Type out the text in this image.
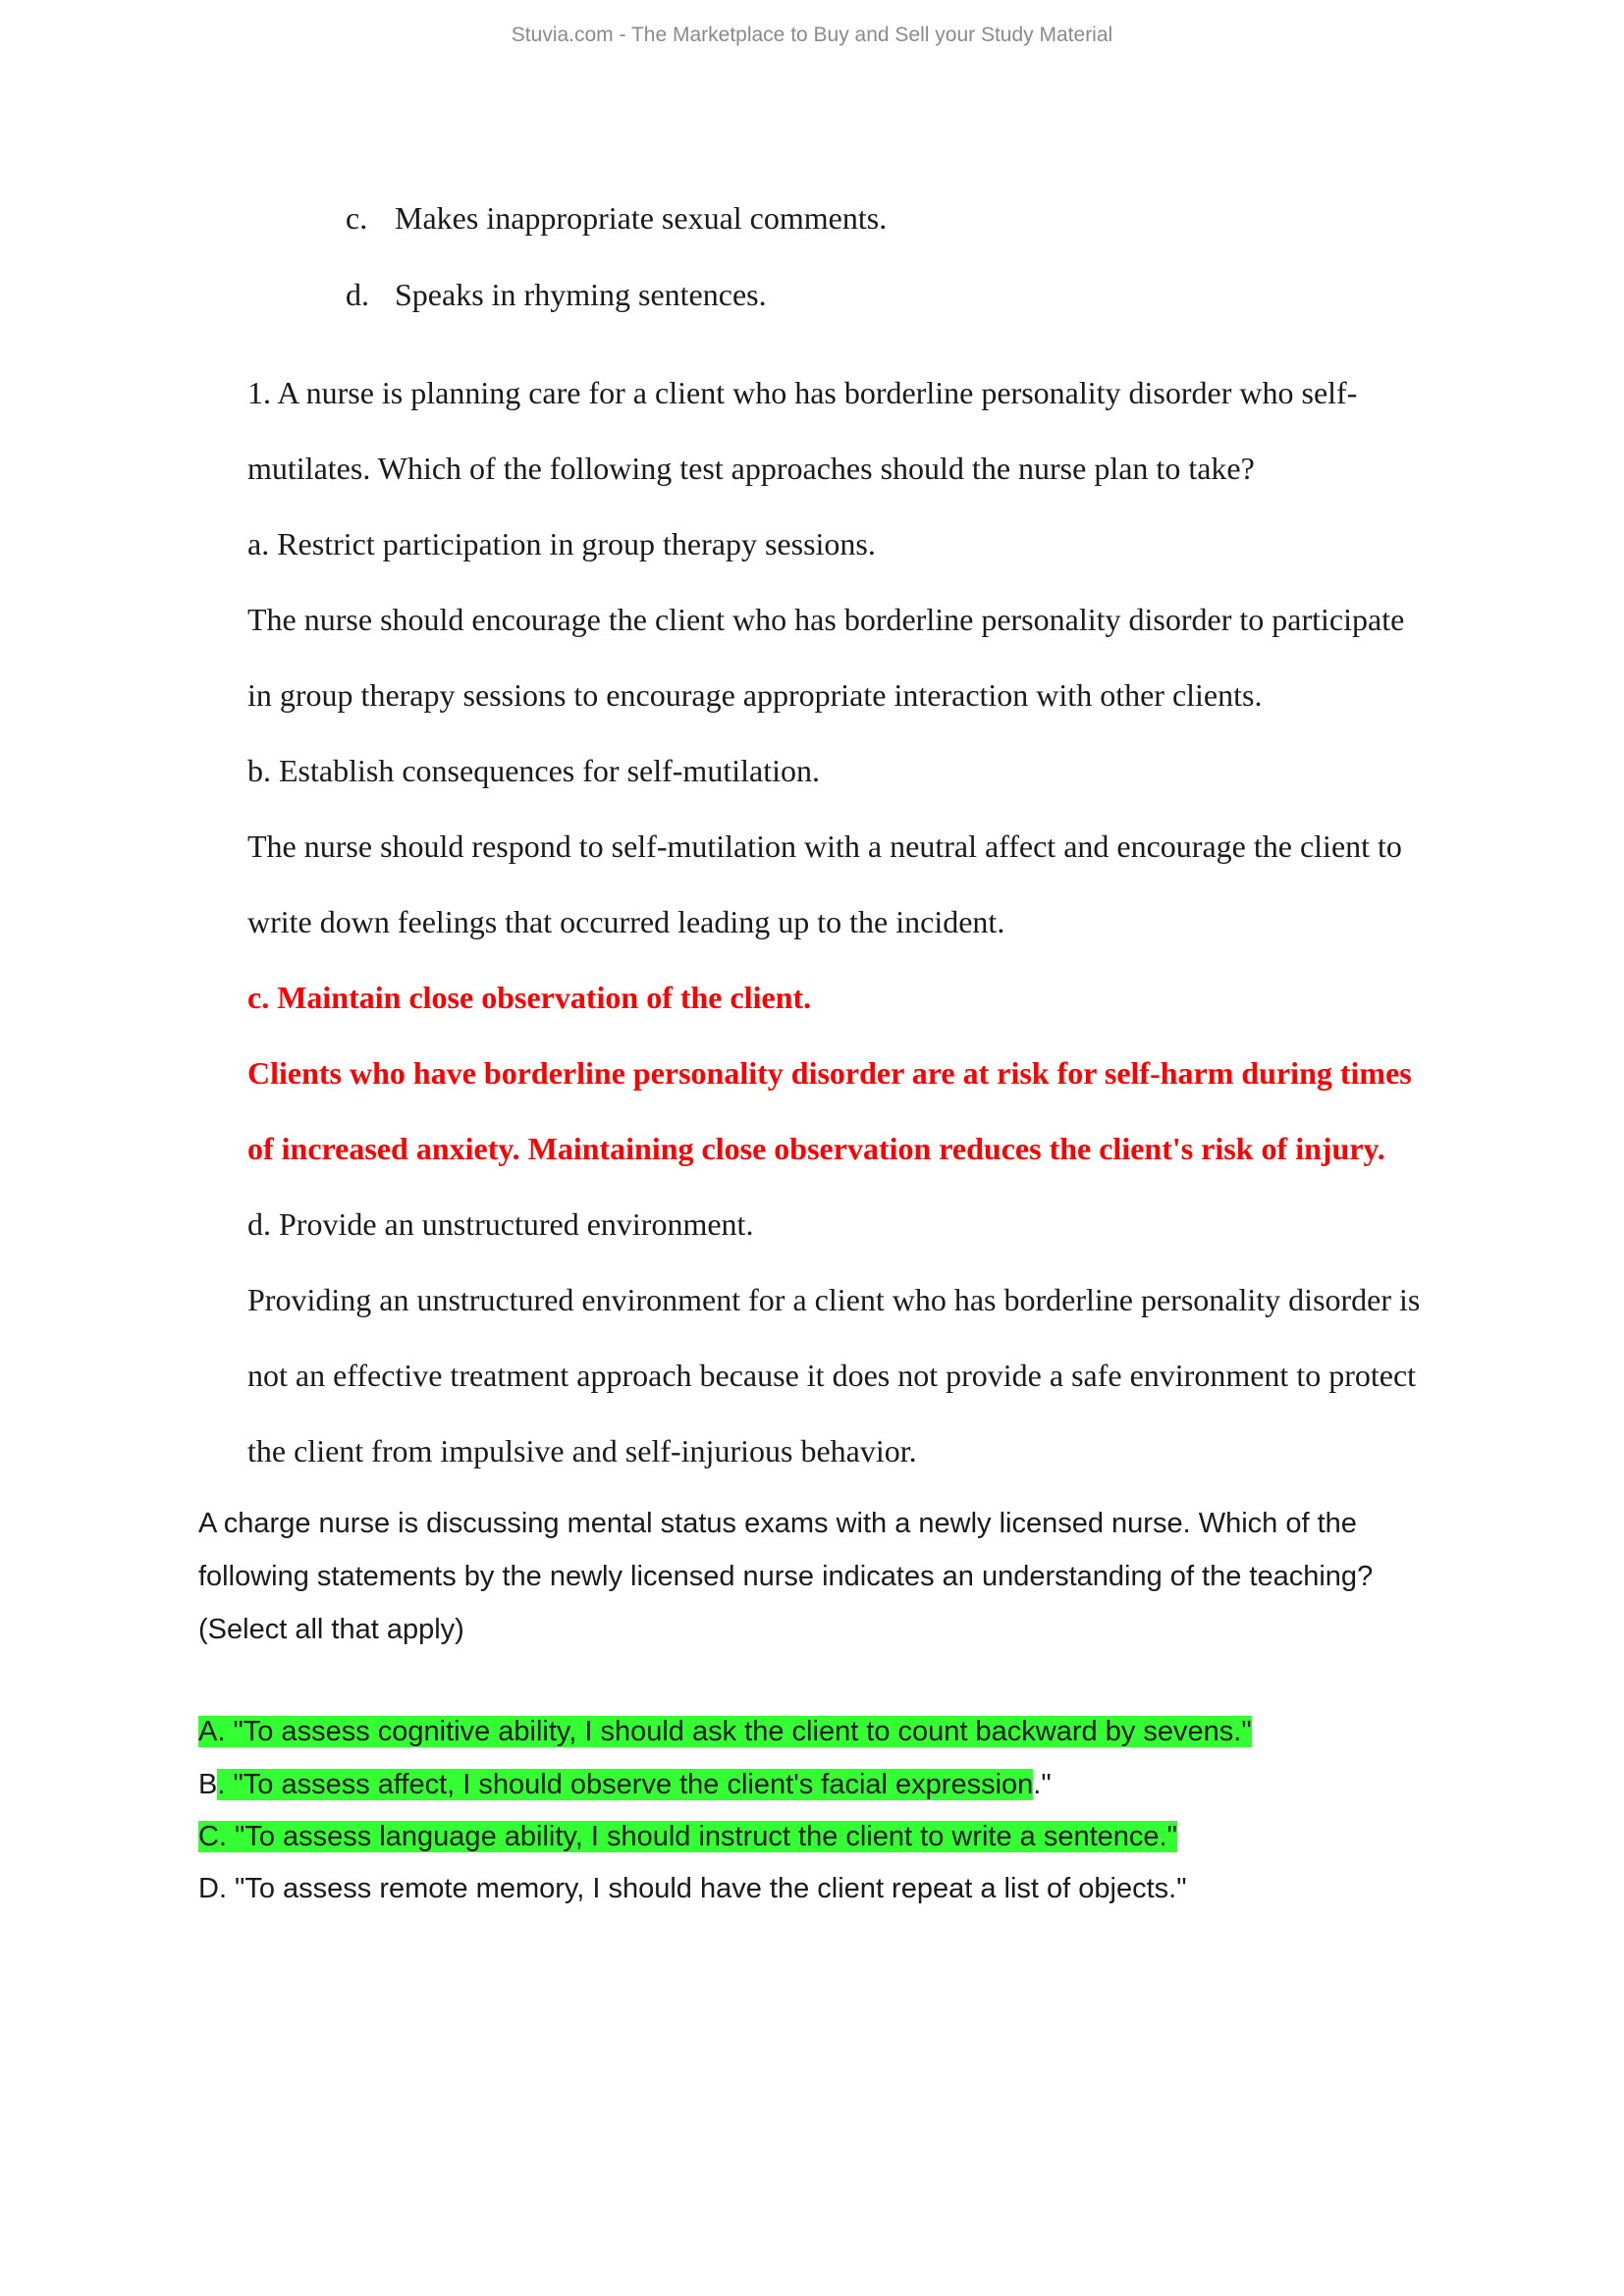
Stuvia.com - The Marketplace to Buy and Sell your Study Material

c. Makes inappropriate sexual comments.

d. Speaks in rhyming sentences.

1. A nurse is planning care for a client who has borderline personality disorder who self-

mutilates. Which of the following test approaches should the nurse plan to take?

a. Restrict participation in group therapy sessions.

The nurse should encourage the client who has borderline personality disorder to participate

in group therapy sessions to encourage appropriate interaction with other clients.

b. Establish consequences for self-mutilation.

The nurse should respond to self-mutilation with a neutral affect and encourage the client to

write down feelings that occurred leading up to the incident.

c. Maintain close observation of the client.

Clients who have borderline personality disorder are at risk for self-harm during times

of increased anxiety. Maintaining close observation reduces the client's risk of injury.

d. Provide an unstructured environment.

Providing an unstructured environment for a client who has borderline personality disorder is

not an effective treatment approach because it does not provide a safe environment to protect

the client from impulsive and self-injurious behavior.

A charge nurse is discussing mental status exams with a newly licensed nurse. Which of the

following statements by the newly licensed nurse indicates an understanding of the teaching?

(Select all that apply)

A. "To assess cognitive ability, I should ask the client to count backward by sevens."

B. "To assess affect, I should observe the client's facial expression."

C. "To assess language ability, I should instruct the client to write a sentence."

D. "To assess remote memory, I should have the client repeat a list of objects."
